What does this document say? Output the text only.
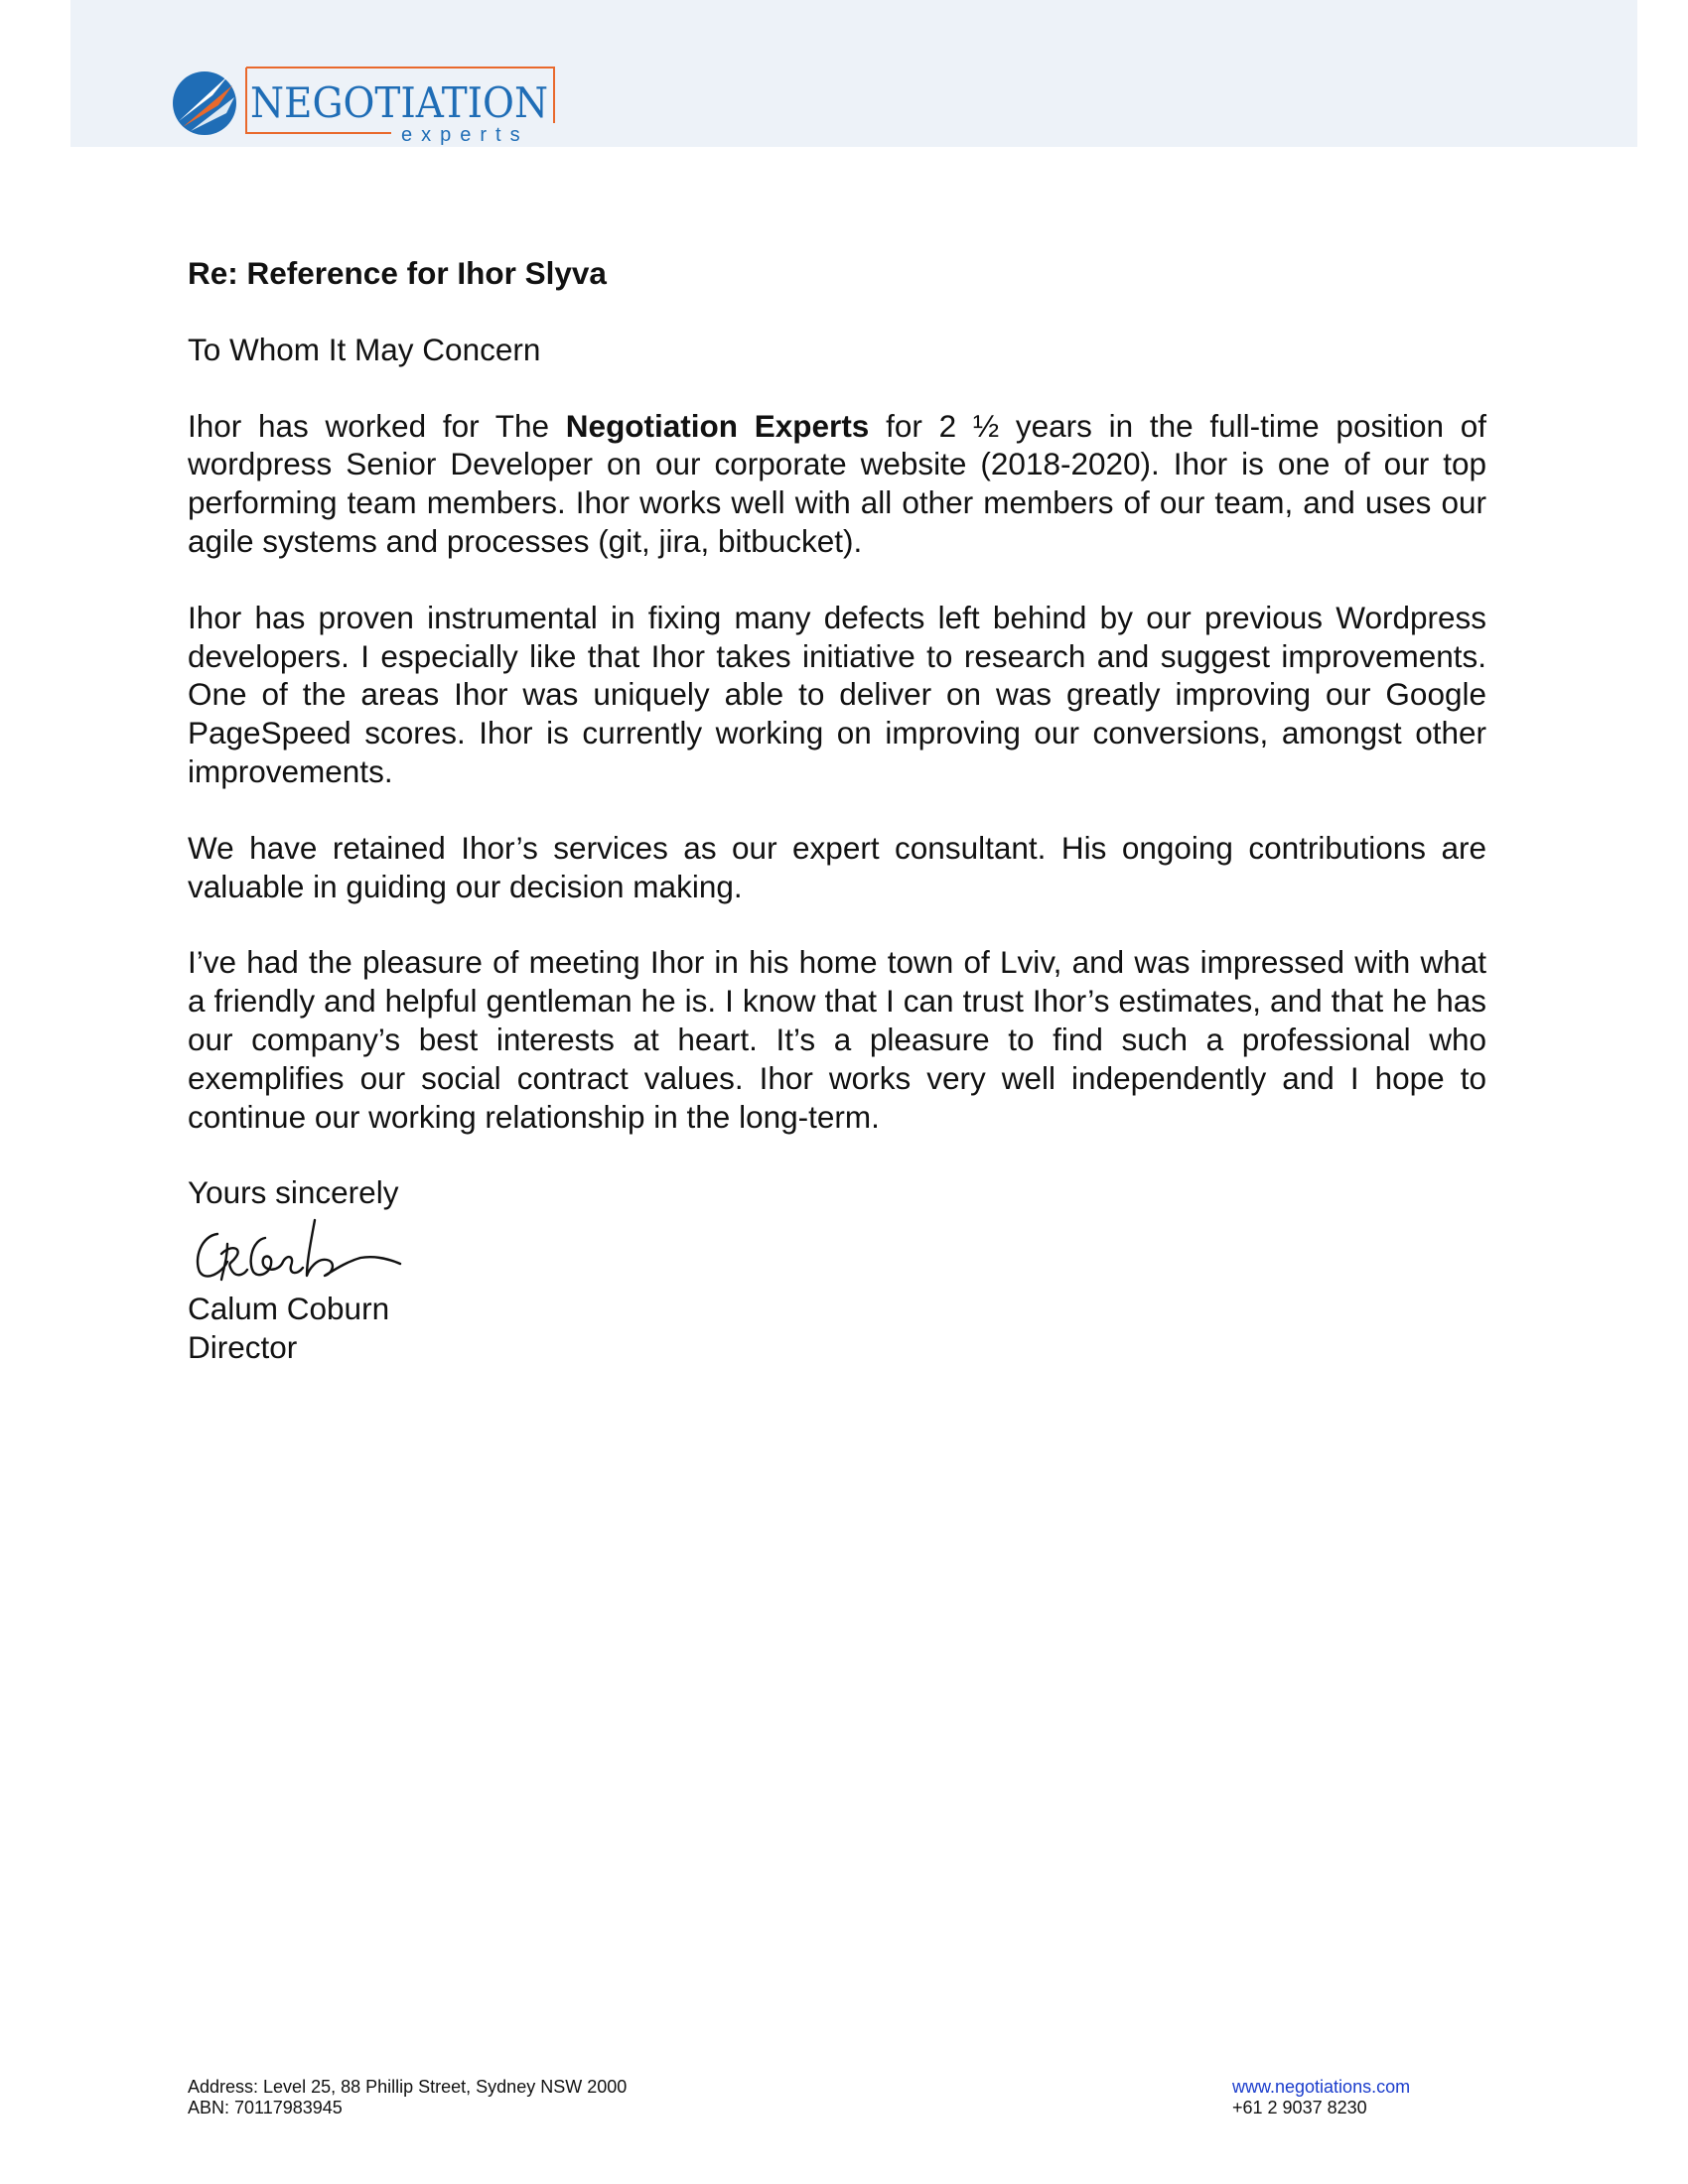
NEGOTIATION
experts

Re: Reference for Ihor Slyva

To Whom It May Concern

Ihor has worked for The Negotiation Experts for 2 ½ years in the full-time position of wordpress Senior Developer on our corporate website (2018-2020). Ihor is one of our top performing team members. Ihor works well with all other members of our team, and uses our agile systems and processes (git, jira, bitbucket).

Ihor has proven instrumental in fixing many defects left behind by our previous Wordpress developers. I especially like that Ihor takes initiative to research and suggest improvements. One of the areas Ihor was uniquely able to deliver on was greatly improving our Google PageSpeed scores. Ihor is currently working on improving our conversions, amongst other improvements.

We have retained Ihor’s services as our expert consultant. His ongoing contributions are valuable in guiding our decision making.

I’ve had the pleasure of meeting Ihor in his home town of Lviv, and was impressed with what a friendly and helpful gentleman he is. I know that I can trust Ihor’s estimates, and that he has our company’s best interests at heart. It’s a pleasure to find such a professional who exemplifies our social contract values. Ihor works very well independently and I hope to continue our working relationship in the long-term.

Yours sincerely

Calum Coburn

Director

Address: Level 25, 88 Phillip Street, Sydney NSW 2000
ABN: 70117983945
www.negotiations.com
+61 2 9037 8230
